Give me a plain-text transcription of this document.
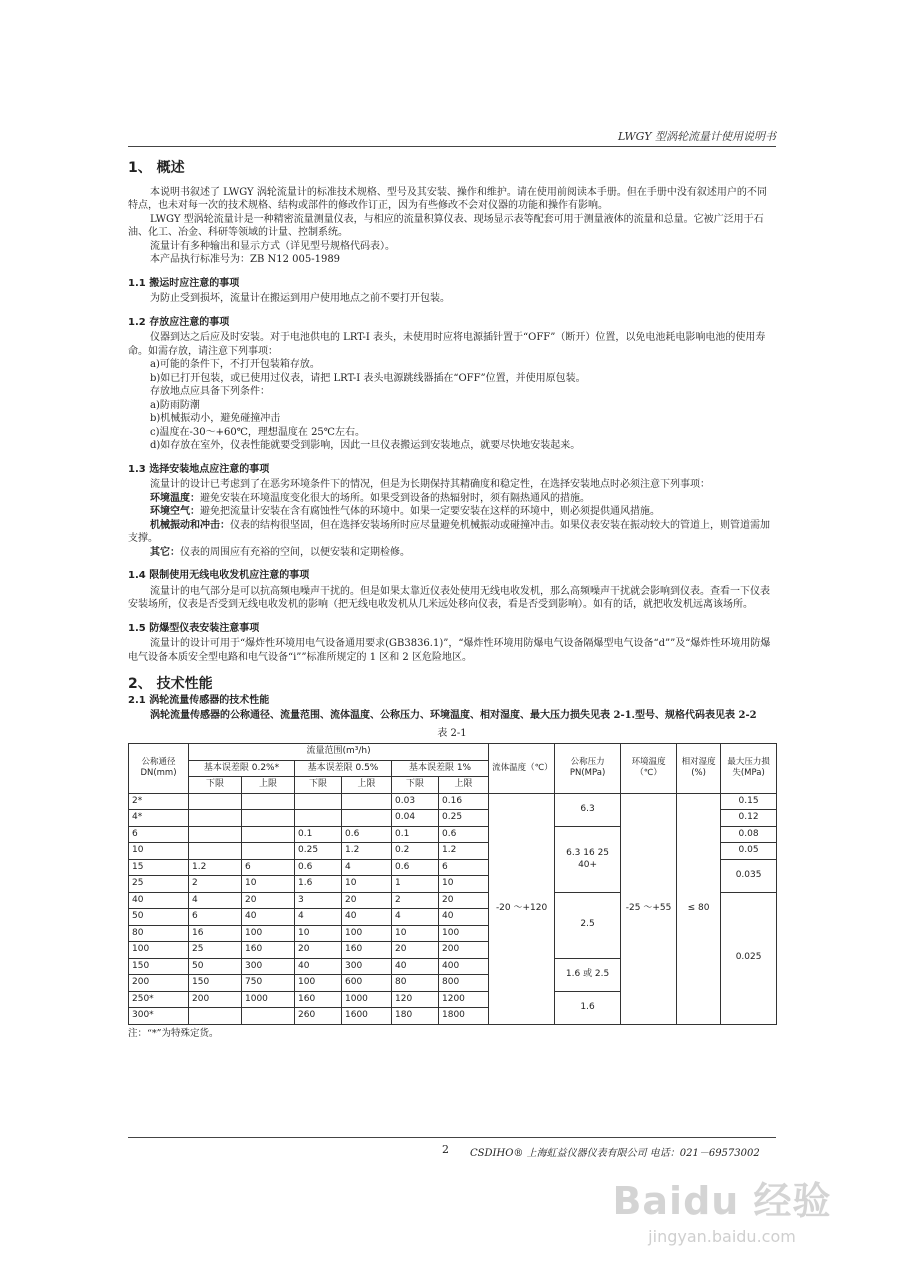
LWGY 型涡轮流量计使用说明书
1、 概述

本说明书叙述了 LWGY 涡轮流量计的标准技术规格、型号及其安装、操作和维护。请在使用前阅读本手册。但在手册中没有叙述用户的不同特点，也未对每一次的技术规格、结构或部件的修改作订正，因为有些修改不会对仪器的功能和操作有影响。

LWGY 型涡轮流量计是一种精密流量测量仪表，与相应的流量积算仪表、现场显示表等配套可用于测量液体的流量和总量。它被广泛用于石油、化工、冶金、科研等领域的计量、控制系统。

流量计有多种输出和显示方式（详见型号规格代码表）。

本产品执行标准号为：ZB N12 005-1989

1.1 搬运时应注意的事项

为防止受到损坏，流量计在搬运到用户使用地点之前不要打开包装。

1.2 存放应注意的事项

仪器到达之后应及时安装。对于电池供电的 LRT-I 表头，未使用时应将电源插针置于“OFF”（断开）位置，以免电池耗电影响电池的使用寿命。如需存放，请注意下列事项：

a)可能的条件下，不打开包装箱存放。

b)如已打开包装，或已使用过仪表，请把 LRT-I 表头电源跳线器插在“OFF”位置，并使用原包装。

存放地点应具备下列条件：

a)防雨防潮

b)机械振动小，避免碰撞冲击

c)温度在-30～+60℃，理想温度在 25℃左右。

d)如存放在室外，仪表性能就要受到影响，因此一旦仪表搬运到安装地点，就要尽快地安装起来。

1.3 选择安装地点应注意的事项

流量计的设计已考虑到了在恶劣环境条件下的情况，但是为长期保持其精确度和稳定性，在选择安装地点时必须注意下列事项：

环境温度：避免安装在环境温度变化很大的场所。如果受到设备的热辐射时，须有隔热通风的措施。

环境空气：避免把流量计安装在含有腐蚀性气体的环境中。如果一定要安装在这样的环境中，则必须提供通风措施。

机械振动和冲击：仪表的结构很坚固，但在选择安装场所时应尽量避免机械振动或碰撞冲击。如果仪表安装在振动较大的管道上，则管道需加支撑。

其它：仪表的周围应有充裕的空间，以便安装和定期检修。

1.4 限制使用无线电收发机应注意的事项

流量计的电气部分是可以抗高频电噪声干扰的。但是如果太靠近仪表处使用无线电收发机，那么高频噪声干扰就会影响到仪表。查看一下仪表安装场所，仪表是否受到无线电收发机的影响（把无线电收发机从几米远处移向仪表，看是否受到影响）。如有的话，就把收发机远离该场所。

1.5 防爆型仪表安装注意事项

流量计的设计可用于“爆炸性环境用电气设备通用要求(GB3836.1)”，“爆炸性环境用防爆电气设备隔爆型电气设备“d””及“爆炸性环境用防爆电气设备本质安全型电路和电气设备“i””标准所规定的 1 区和 2 区危险地区。

2、 技术性能
2.1 涡轮流量传感器的技术性能

涡轮流量传感器的公称通径、流量范围、流体温度、公称压力、环境温度、相对湿度、最大压力损失见表 2-1.型号、规格代码表见表 2-2

表 2-1
公称通径 DN(mm)	流量范围(m³/h)						流体温度（℃）	公称压力 PN(MPa)	环境温度（℃）	相对湿度(%)	最大压力损失(MPa)
	基本误差限 0.2%*		基本误差限 0.5%		基本误差限 1%						
	下限	上限	下限	上限	下限	上限					
2*					0.03	0.16	-20 ～+120	6.3	-25 ～+55	≤ 80	0.15
4*					0.04	0.25					0.12
6			0.1	0.6	0.1	0.6		6.3 16 25 40+			0.08
10			0.25	1.2	0.2	1.2					0.05
15	1.2	6	0.6	4	0.6	6					0.035
25	2	10	1.6	10	1	10					
40	4	20	3	20	2	20		2.5			0.025
50	6	40	4	40	4	40					
80	16	100	10	100	10	100					
100	25	160	20	160	20	200					
150	50	300	40	300	40	400		1.6 或 2.5			
200	150	750	100	600	80	800					
250*	200	1000	160	1000	120	1200		1.6			
300*			260	1600	180	1800					
注：“*”为特殊定货。
2 CSDIHO® 上海虹益仪器仪表有限公司 电话：021－69573002
Baidu 经验
jingyan.baidu.com
